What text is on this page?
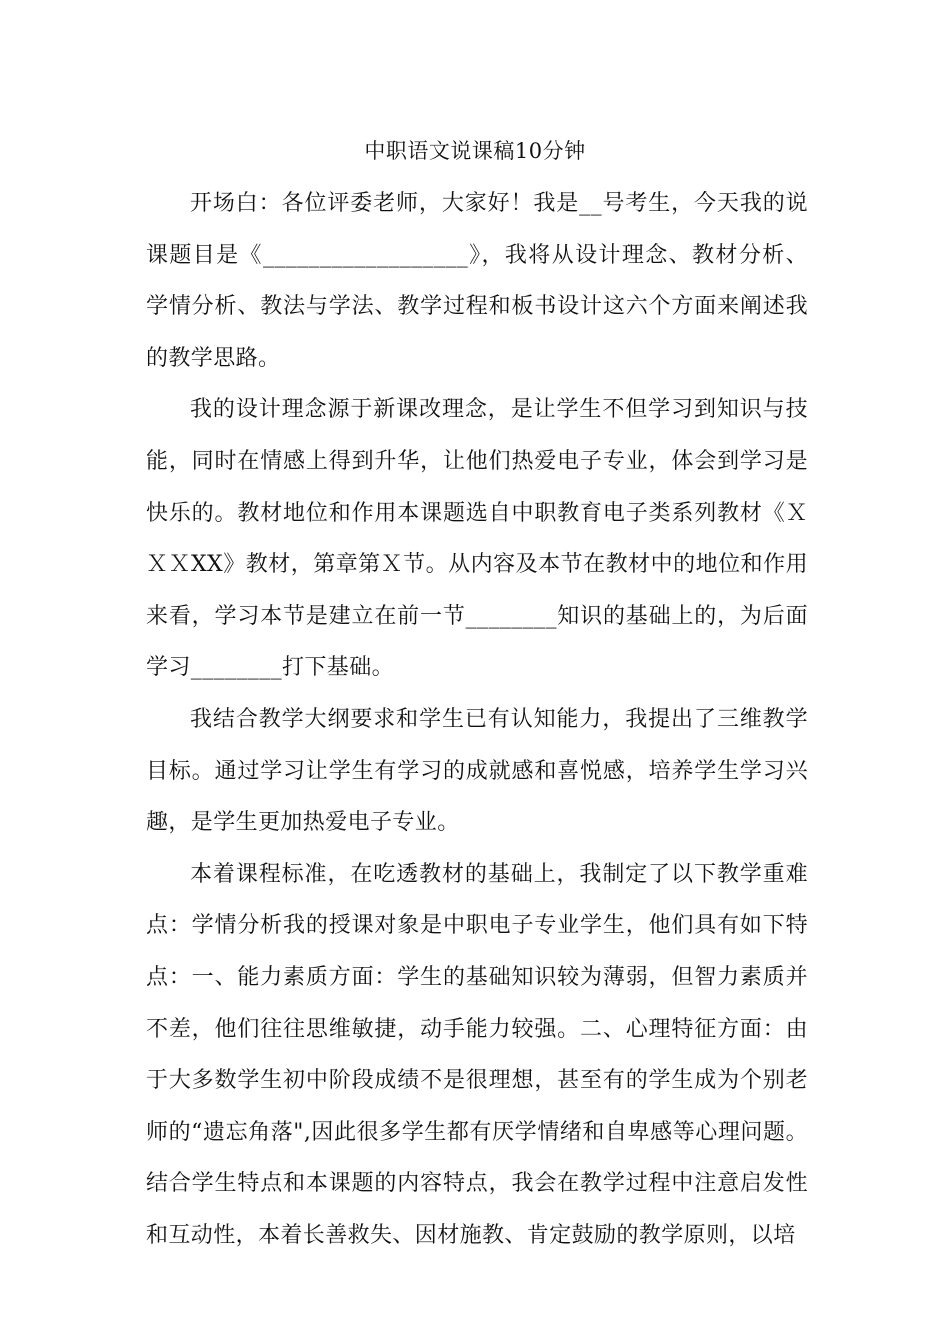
中职语文说课稿10分钟

开场白：各位评委老师，大家好！我是__号考生，今天我的说课题目是《__________________》，我将从设计理念、教材分析、学情分析、教法与学法、教学过程和板书设计这六个方面来阐述我的教学思路。

我的设计理念源于新课改理念，是让学生不但学习到知识与技能，同时在情感上得到升华，让他们热爱电子专业，体会到学习是快乐的。教材地位和作用本课题选自中职教育电子类系列教材《ＸＸＸXX》教材，第章第Ｘ节。从内容及本节在教材中的地位和作用来看，学习本节是建立在前一节________知识的基础上的，为后面学习________打下基础。

我结合教学大纲要求和学生已有认知能力，我提出了三维教学目标。通过学习让学生有学习的成就感和喜悦感，培养学生学习兴趣，是学生更加热爱电子专业。

本着课程标准，在吃透教材的基础上，我制定了以下教学重难点：学情分析我的授课对象是中职电子专业学生，他们具有如下特点：一、能力素质方面：学生的基础知识较为薄弱，但智力素质并不差，他们往往思维敏捷，动手能力较强。二、心理特征方面：由于大多数学生初中阶段成绩不是很理想，甚至有的学生成为个别老师的“遗忘角落",因此很多学生都有厌学情绪和自卑感等心理问题。结合学生特点和本课题的内容特点，我会在教学过程中注意启发性和互动性，本着长善救失、因材施教、肯定鼓励的教学原则，以培
